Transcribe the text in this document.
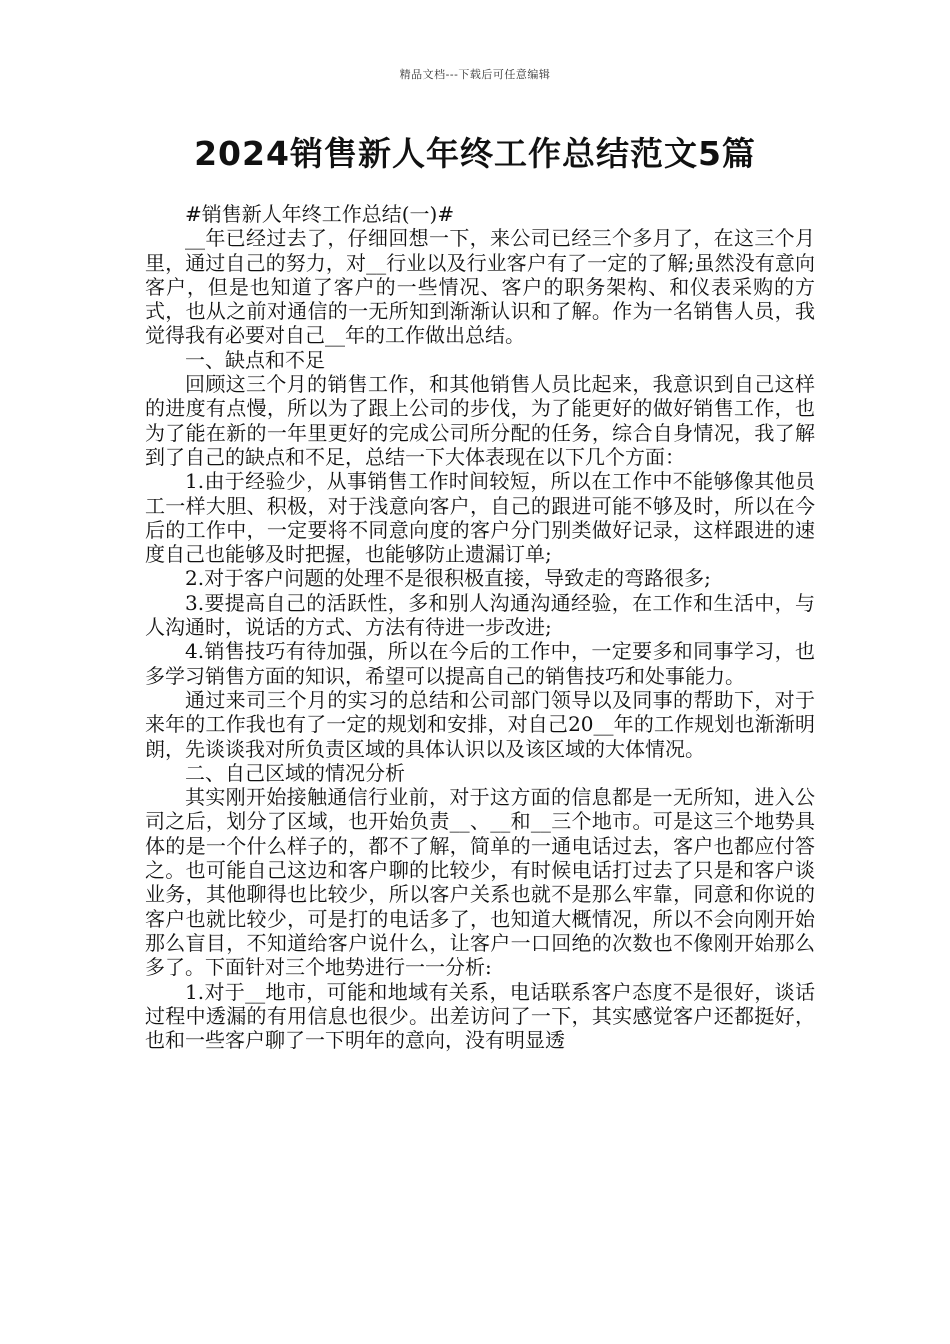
精品文档---下载后可任意编辑
2024销售新人年终工作总结范文5篇

#销售新人年终工作总结(一)#

__年已经过去了，仔细回想一下，来公司已经三个多月了，在这三个月里，通过自己的努力，对__行业以及行业客户有了一定的了解;虽然没有意向客户，但是也知道了客户的一些情况、客户的职务架构、和仪表采购的方式，也从之前对通信的一无所知到渐渐认识和了解。作为一名销售人员，我觉得我有必要对自己__年的工作做出总结。

一、缺点和不足

回顾这三个月的销售工作，和其他销售人员比起来，我意识到自己这样的进度有点慢，所以为了跟上公司的步伐，为了能更好的做好销售工作，也为了能在新的一年里更好的完成公司所分配的任务，综合自身情况，我了解到了自己的缺点和不足，总结一下大体表现在以下几个方面：

1.由于经验少，从事销售工作时间较短，所以在工作中不能够像其他员工一样大胆、积极，对于浅意向客户，自己的跟进可能不够及时，所以在今后的工作中，一定要将不同意向度的客户分门别类做好记录，这样跟进的速度自己也能够及时把握，也能够防止遗漏订单;

2.对于客户问题的处理不是很积极直接，导致走的弯路很多;

3.要提高自己的活跃性，多和别人沟通沟通经验，在工作和生活中，与人沟通时，说话的方式、方法有待进一步改进;

4.销售技巧有待加强，所以在今后的工作中，一定要多和同事学习，也多学习销售方面的知识，希望可以提高自己的销售技巧和处事能力。

通过来司三个月的实习的总结和公司部门领导以及同事的帮助下，对于来年的工作我也有了一定的规划和安排，对自己20__年的工作规划也渐渐明朗，先谈谈我对所负责区域的具体认识以及该区域的大体情况。

二、自己区域的情况分析

其实刚开始接触通信行业前，对于这方面的信息都是一无所知，进入公司之后，划分了区域，也开始负责__、__和__三个地市。可是这三个地势具体的是一个什么样子的，都不了解，简单的一通电话过去，客户也都应付答之。也可能自己这边和客户聊的比较少，有时候电话打过去了只是和客户谈业务，其他聊得也比较少，所以客户关系也就不是那么牢靠，同意和你说的客户也就比较少，可是打的电话多了，也知道大概情况，所以不会向刚开始那么盲目，不知道给客户说什么，让客户一口回绝的次数也不像刚开始那么多了。下面针对三个地势进行一一分析:

1.对于__地市，可能和地域有关系，电话联系客户态度不是很好，谈话过程中透漏的有用信息也很少。出差访问了一下，其实感觉客户还都挺好，也和一些客户聊了一下明年的意向，没有明显透
